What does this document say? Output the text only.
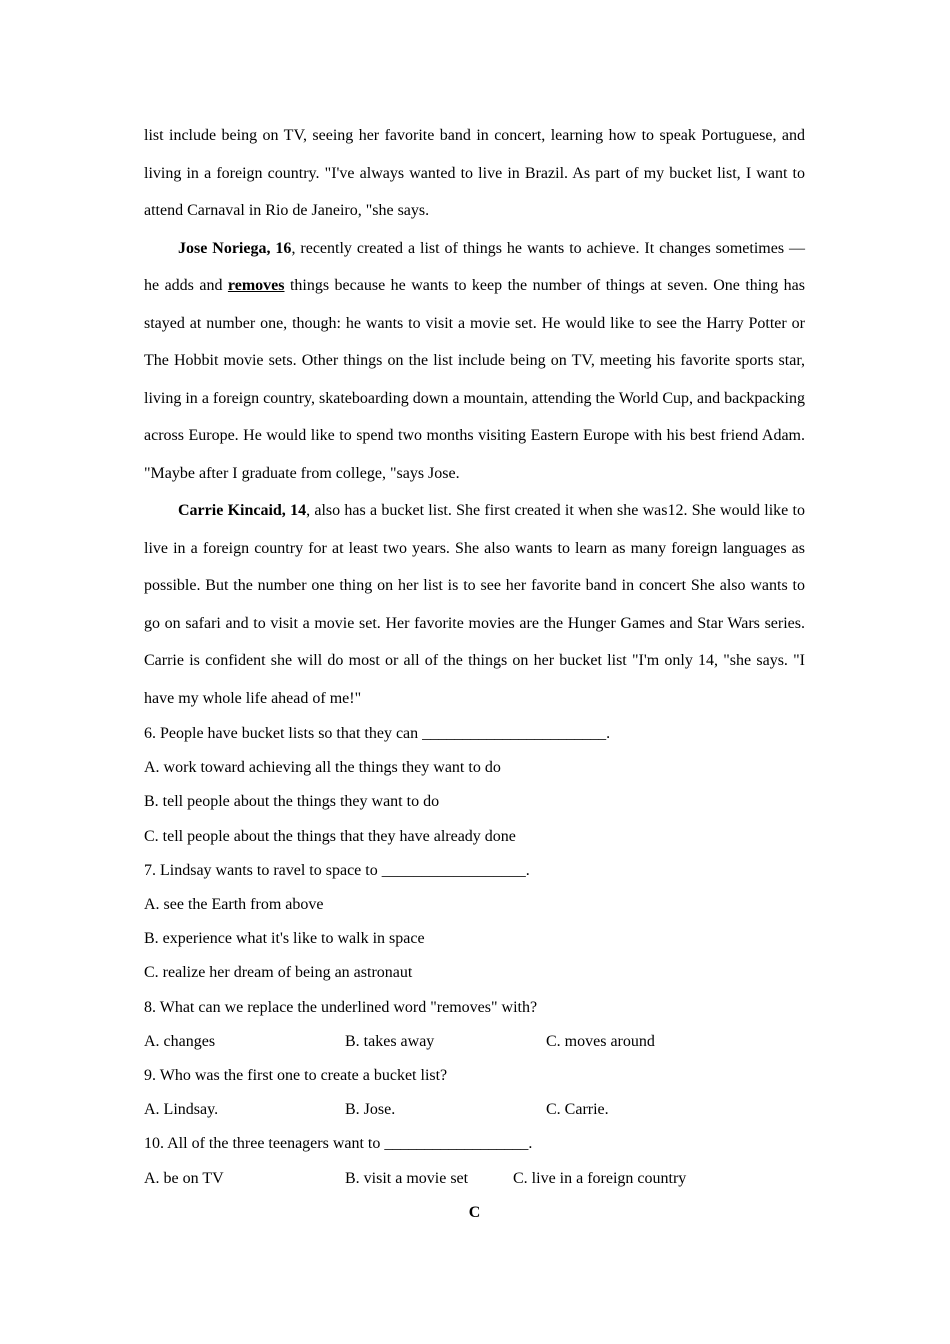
list include being on TV, seeing her favorite band in concert, learning how to speak Portuguese, and living in a foreign country. "I've always wanted to live in Brazil. As part of my bucket list, I want to attend Carnaval in Rio de Janeiro, "she says.

Jose Noriega, 16, recently created a list of things he wants to achieve. It changes sometimes — he adds and removes things because he wants to keep the number of things at seven. One thing has stayed at number one, though: he wants to visit a movie set. He would like to see the Harry Potter or The Hobbit movie sets. Other things on the list include being on TV, meeting his favorite sports star, living in a foreign country, skateboarding down a mountain, attending the World Cup, and backpacking across Europe. He would like to spend two months visiting Eastern Europe with his best friend Adam. "Maybe after I graduate from college, "says Jose.

Carrie Kincaid, 14, also has a bucket list. She first created it when she was12. She would like to live in a foreign country for at least two years. She also wants to learn as many foreign languages as possible. But the number one thing on her list is to see her favorite band in concert She also wants to go on safari and to visit a movie set. Her favorite movies are the Hunger Games and Star Wars series. Carrie is confident she will do most or all of the things on her bucket list "I'm only 14, "she says. "I have my whole life ahead of me!"

6. People have bucket lists so that they can _______________________.

A. work toward achieving all the things they want to do

B. tell people about the things they want to do

C. tell people about the things that they have already done

7. Lindsay wants to ravel to space to __________________.

A. see the Earth from above

B. experience what it's like to walk in space

C. realize her dream of being an astronaut

8. What can we replace the underlined word "removes" with?

A. changes	B. takes away	C. moves around

9. Who was the first one to create a bucket list?

A. Lindsay.	B. Jose.	C. Carrie.

10. All of the three teenagers want to __________________.

A. be on TV	B. visit a movie set	C. live in a foreign country
C
